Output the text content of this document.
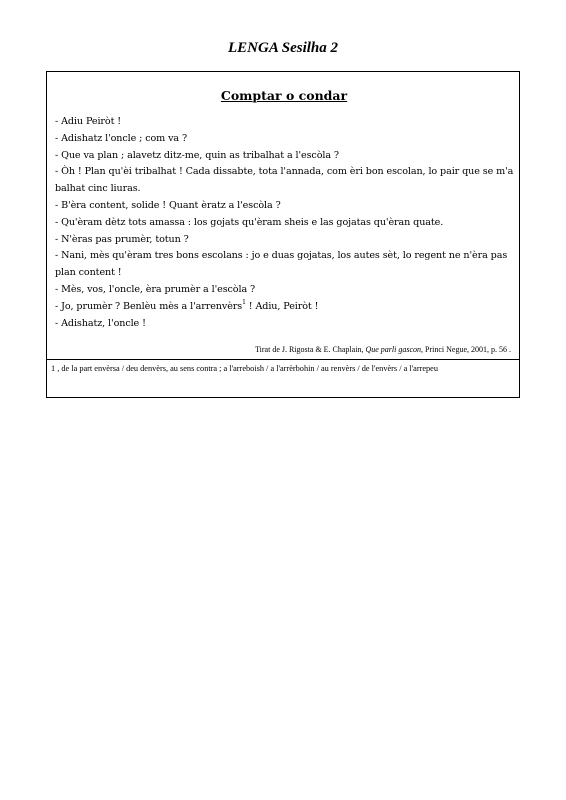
LENGA Sesilha 2
Comptar o condar
- Adiu Peiròt !
- Adishatz l'oncle ; com va ?
- Que va plan ; alavetz ditz-me, quin as tribalhat a l'escòla ?
- Òh ! Plan qu'èi tribalhat ! Cada dissabte, tota l'annada, com èri bon escolan, lo pair que se m'a balhat cinc liuras.
- B'èra content, solide ! Quant èratz a l'escòla ?
- Qu'èram dètz tots amassa : los gojats qu'èram sheis e las gojatas qu'èran quate.
- N'èras pas prumèr, totun ?
- Nani, mès qu'èram tres bons escolans : jo e duas gojatas, los autes sèt, lo regent ne n'èra pas plan content !
- Mès, vos, l'oncle, èra prumèr a l'escòla ?
- Jo, prumèr ? Benlèu mès a l'arrenvèrs$^1$ ! Adiu, Peiròt !
- Adishatz, l'oncle !
Tirat de J. Rigosta & E. Chaplain, Que parli gascon, Princi Negue, 2001, p. 56 .
1 , de la part envèrsa / deu denvèrs, au sens contra ; a l'arreboish / a l'arrèrbohin / au renvèrs / de l'envèrs / a l'arrepeu
